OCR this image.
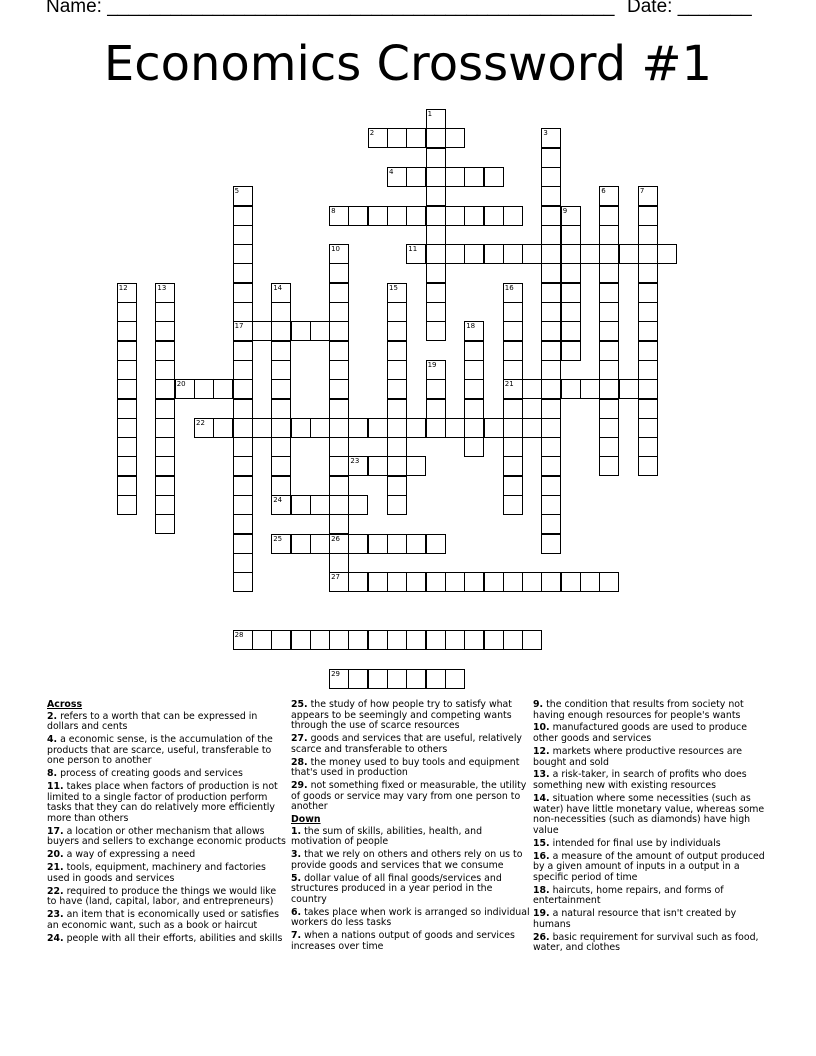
Name: ________________________________________________ Date: _______
Economics Crossword #1
2
4
8
11
17
20	21
22
23
24
25	26
27
28
29
1
3
5	6	7
9
10
12	13	14	15	16
18
19
Across
2. refers to a worth that can be expressed in dollars and cents
4. a economic sense, is the accumulation of the products that are scarce, useful, transferable to one person to another
8. process of creating goods and services
11. takes place when factors of production is not limited to a single factor of production perform tasks that they can do relatively more efficiently more than others
17. a location or other mechanism that allows buyers and sellers to exchange economic products
20. a way of expressing a need
21. tools, equipment, machinery and factories used in goods and services
22. required to produce the things we would like to have (land, capital, labor, and entrepreneurs)
23. an item that is economically used or satisfies an economic want, such as a book or haircut
24. people with all their efforts, abilities and skills
25. the study of how people try to satisfy what appears to be seemingly and competing wants through the use of scarce resources
27. goods and services that are useful, relatively scarce and transferable to others
28. the money used to buy tools and equipment that's used in production
29. not something fixed or measurable, the utility of goods or service may vary from one person to another
Down
1. the sum of skills, abilities, health, and motivation of people
3. that we rely on others and others rely on us to provide goods and services that we consume
5. dollar value of all final goods/services and structures produced in a year period in the country
6. takes place when work is arranged so individual workers do less tasks
7. when a nations output of goods and services increases over time
9. the condition that results from society not having enough resources for people's wants
10. manufactured goods are used to produce other goods and services
12. markets where productive resources are bought and sold
13. a risk-taker, in search of profits who does something new with existing resources
14. situation where some necessities (such as water) have little monetary value, whereas some non-necessities (such as diamonds) have high value
15. intended for final use by individuals
16. a measure of the amount of output produced by a given amount of inputs in a output in a specific period of time
18. haircuts, home repairs, and forms of entertainment
19. a natural resource that isn't created by humans
26. basic requirement for survival such as food, water, and clothes
